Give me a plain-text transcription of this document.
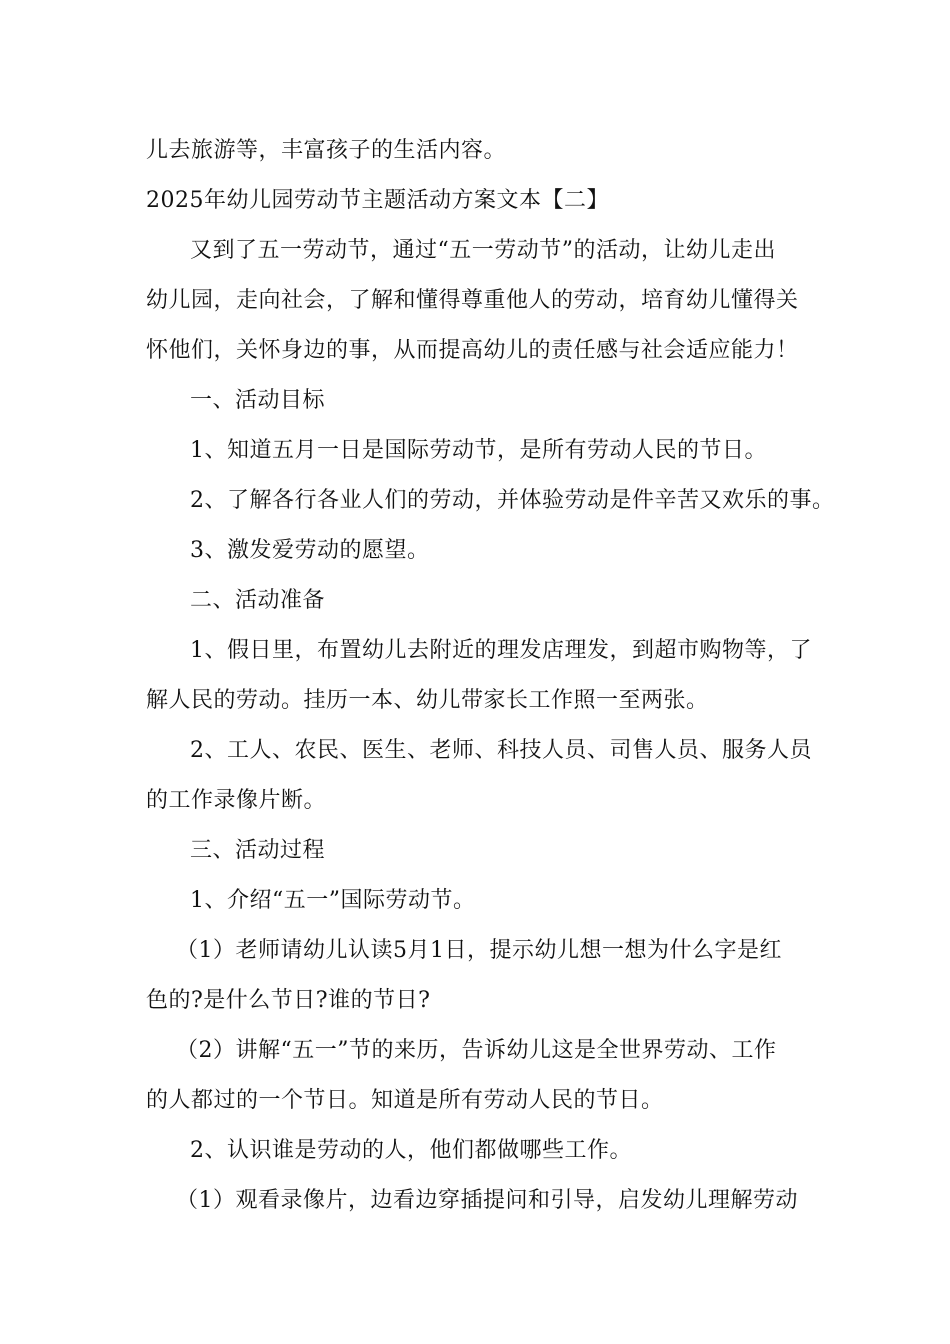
儿去旅游等，丰富孩子的生活内容。
2025年幼儿园劳动节主题活动方案文本【二】
又到了五一劳动节，通过“五一劳动节”的活动，让幼儿走出
幼儿园，走向社会，了解和懂得尊重他人的劳动，培育幼儿懂得关
怀他们，关怀身边的事，从而提高幼儿的责任感与社会适应能力！
一、活动目标
1、知道五月一日是国际劳动节，是所有劳动人民的节日。
2、了解各行各业人们的劳动，并体验劳动是件辛苦又欢乐的事。
3、激发爱劳动的愿望。
二、活动准备
1、假日里，布置幼儿去附近的理发店理发，到超市购物等，了
解人民的劳动。挂历一本、幼儿带家长工作照一至两张。
2、工人、农民、医生、老师、科技人员、司售人员、服务人员
的工作录像片断。
三、活动过程
1、介绍“五一”国际劳动节。
（1）老师请幼儿认读5月1日，提示幼儿想一想为什么字是红
色的?是什么节日?谁的节日?
（2）讲解“五一”节的来历，告诉幼儿这是全世界劳动、工作
的人都过的一个节日。知道是所有劳动人民的节日。
2、认识谁是劳动的人，他们都做哪些工作。
（1）观看录像片，边看边穿插提问和引导，启发幼儿理解劳动
